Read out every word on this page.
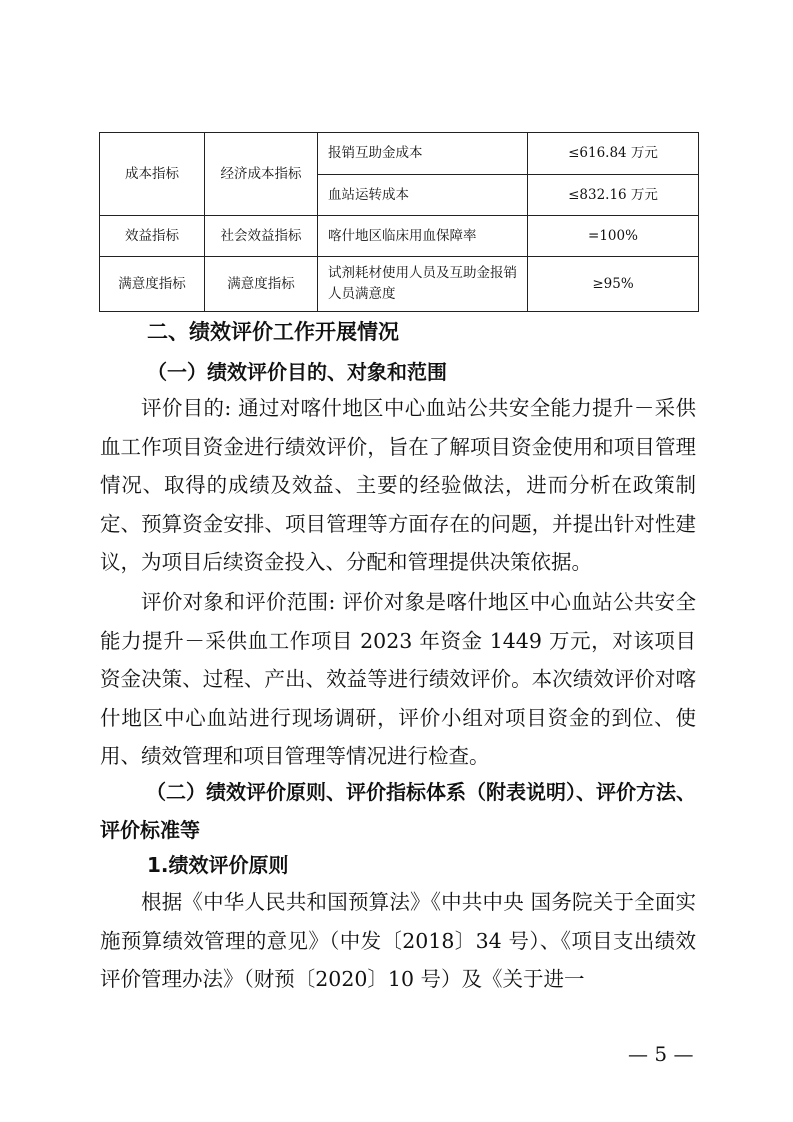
成本指标	经济成本指标	报销互助金成本	≤616.84 万元
		血站运转成本	≤832.16 万元
效益指标	社会效益指标	喀什地区临床用血保障率	=100%
满意度指标	满意度指标	试剂耗材使用人员及互助金报销人员满意度	≥95%
二、绩效评价工作开展情况
（一）绩效评价目的、对象和范围

评价目的: 通过对喀什地区中心血站公共安全能力提升－采供血工作项目资金进行绩效评价，旨在了解项目资金使用和项目管理情况、取得的成绩及效益、主要的经验做法，进而分析在政策制定、预算资金安排、项目管理等方面存在的问题，并提出针对性建议，为项目后续资金投入、分配和管理提供决策依据。

评价对象和评价范围: 评价对象是喀什地区中心血站公共安全能力提升－采供血工作项目 2023 年资金 1449 万元，对该项目资金决策、过程、产出、效益等进行绩效评价。本次绩效评价对喀什地区中心血站进行现场调研，评价小组对项目资金的到位、使用、绩效管理和项目管理等情况进行检查。

（二）绩效评价原则、评价指标体系（附表说明）、评价方法、评价标准等

1.绩效评价原则

根据《中华人民共和国预算法》《中共中央 国务院关于全面实施预算绩效管理的意见》（中发〔2018〕34 号）、《项目支出绩效评价管理办法》（财预〔2020〕10 号）及《关于进一

— 5 —
